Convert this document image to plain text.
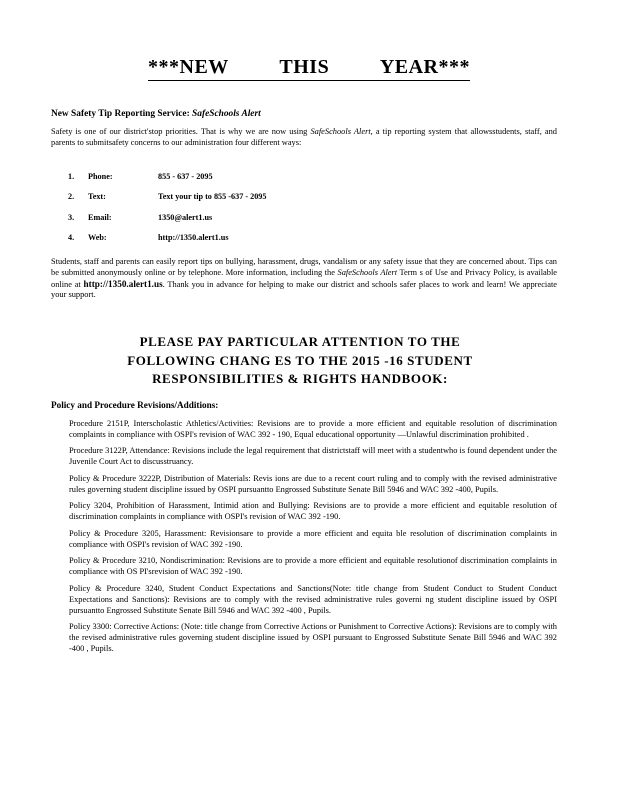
***NEW	THIS	YEAR***
New Safety Tip Reporting Service: SafeSchools Alert
Safety is one of our district'stop priorities. That is why we are now using SafeSchools Alert, a tip reporting system that allowsstudents, staff, and parents to submitsafety concerns to our administration four different ways:
1. Phone:	855 - 637 - 2095
2. Text:	Text your tip to 855 -637 - 2095
3. Email:	1350@alert1.us
4. Web:	http://1350.alert1.us
Students, staff and parents can easily report tips on bullying, harassment, drugs, vandalism or any safety issue that they are concerned about. Tips can be submitted anonymously online or by telephone. More information, including the SafeSchools Alert Term s of Use and Privacy Policy, is available online at http://1350.alert1.us. Thank you in advance for helping to make our district and schools safer places to work and learn! We appreciate your support.
PLEASE PAY PARTICULAR ATTENTION TO THE
FOLLOWING CHANG ES TO THE 2015 -16 STUDENT
RESPONSIBILITIES & RIGHTS HANDBOOK:
Policy and Procedure Revisions/Additions:
Procedure 2151P, Interscholastic Athletics/Activities: Revisions are to provide a more efficient and equitable resolution of discrimination complaints in compliance with OSPI's revision of WAC 392 - 190, Equal educational opportunity —Unlawful discrimination prohibited .
Procedure 3122P, Attendance: Revisions include the legal requirement that districtstaff will meet with a studentwho is found dependent under the Juvenile Court Act to discusstruancy.
Policy & Procedure 3222P, Distribution of Materials: Revis ions are due to a recent court ruling and to comply with the revised administrative rules governing student discipline issued by OSPI pursuantto Engrossed Substitute Senate Bill 5946 and WAC 392 -400, Pupils.
Policy 3204, Prohibition of Harassment, Intimid ation and Bullying: Revisions are to provide a more efficient and equitable resolution of discrimination complaints in compliance with OSPI's revision of WAC 392 -190.
Policy & Procedure 3205, Harassment: Revisionsare to provide a more efficient and equita ble resolution of discrimination complaints in compliance with OSPI's revision of WAC 392 -190.
Policy & Procedure 3210, Nondiscrimination: Revisions are to provide a more efficient and equitable resolutionof discrimination complaints in compliance with OS PI'srevision of WAC 392 -190.
Policy & Procedure 3240, Student Conduct Expectations and Sanctions(Note: title change from Student Conduct to Student Conduct Expectations and Sanctions): Revisions are to comply with the revised administrative rules governi ng student discipline issued by OSPI pursuantto Engrossed Substitute Senate Bill 5946 and WAC 392 -400 , Pupils.
Policy 3300: Corrective Actions: (Note: title change from Corrective Actions or Punishment to Corrective Actions): Revisions are to comply with the revised administrative rules governing student discipline issued by OSPI pursuant to Engrossed Substitute Senate Bill 5946 and WAC 392 -400 , Pupils.
